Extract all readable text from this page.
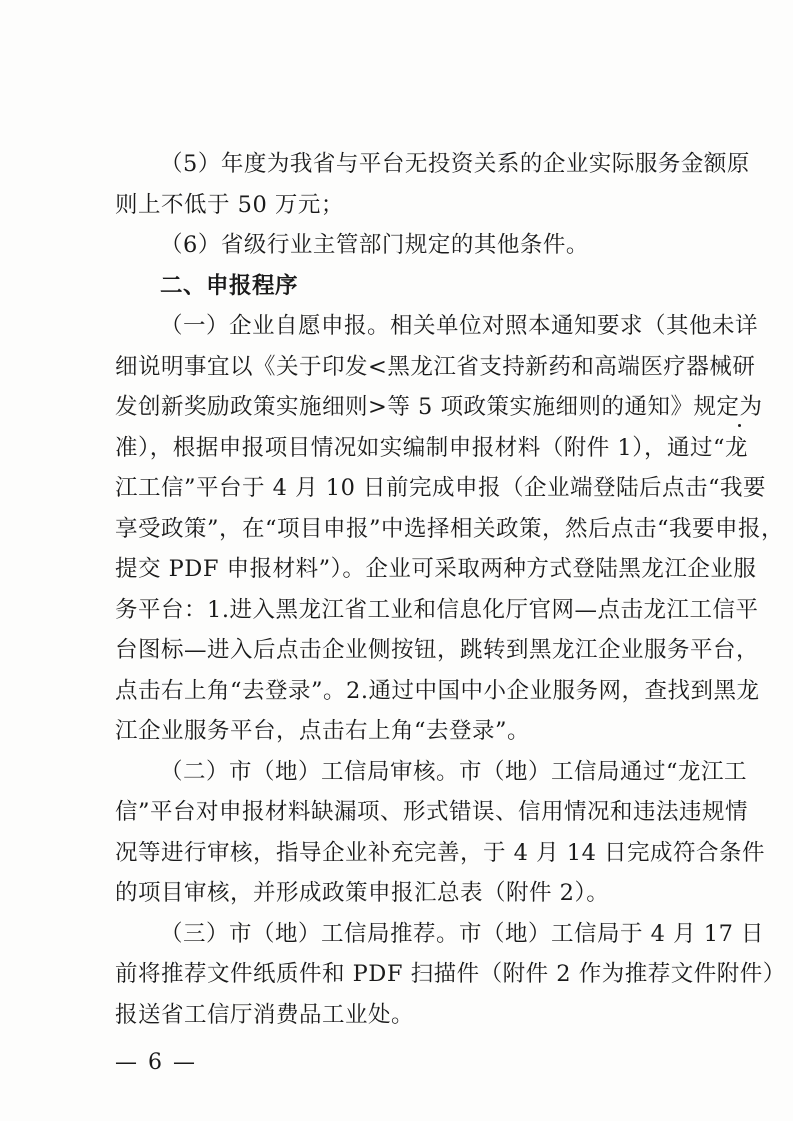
（5）年度为我省与平台无投资关系的企业实际服务金额原
则上不低于 50 万元；
（6）省级行业主管部门规定的其他条件。
二、申报程序
（一）企业自愿申报。相关单位对照本通知要求（其他未详
细说明事宜以《关于印发<黑龙江省支持新药和高端医疗器械研
发创新奖励政策实施细则>等 5 项政策实施细则的通知》规定为
准），根据申报项目情况如实编制申报材料（附件 1），通过“龙
江工信”平台于 4 月 10 日前完成申报（企业端登陆后点击“我要
享受政策”，在“项目申报”中选择相关政策，然后点击“我要申报，
提交 PDF 申报材料”）。企业可采取两种方式登陆黑龙江企业服
务平台：1.进入黑龙江省工业和信息化厅官网—点击龙江工信平
台图标—进入后点击企业侧按钮，跳转到黑龙江企业服务平台，
点击右上角“去登录”。2.通过中国中小企业服务网，查找到黑龙
江企业服务平台，点击右上角“去登录”。
（二）市（地）工信局审核。市（地）工信局通过“龙江工
信”平台对申报材料缺漏项、形式错误、信用情况和违法违规情
况等进行审核，指导企业补充完善，于 4 月 14 日完成符合条件
的项目审核，并形成政策申报汇总表（附件 2）。
（三）市（地）工信局推荐。市（地）工信局于 4 月 17 日
— 6 —
前将推荐文件纸质件和 PDF 扫描件（附件 2 作为推荐文件附件）
报送省工信厅消费品工业处。
